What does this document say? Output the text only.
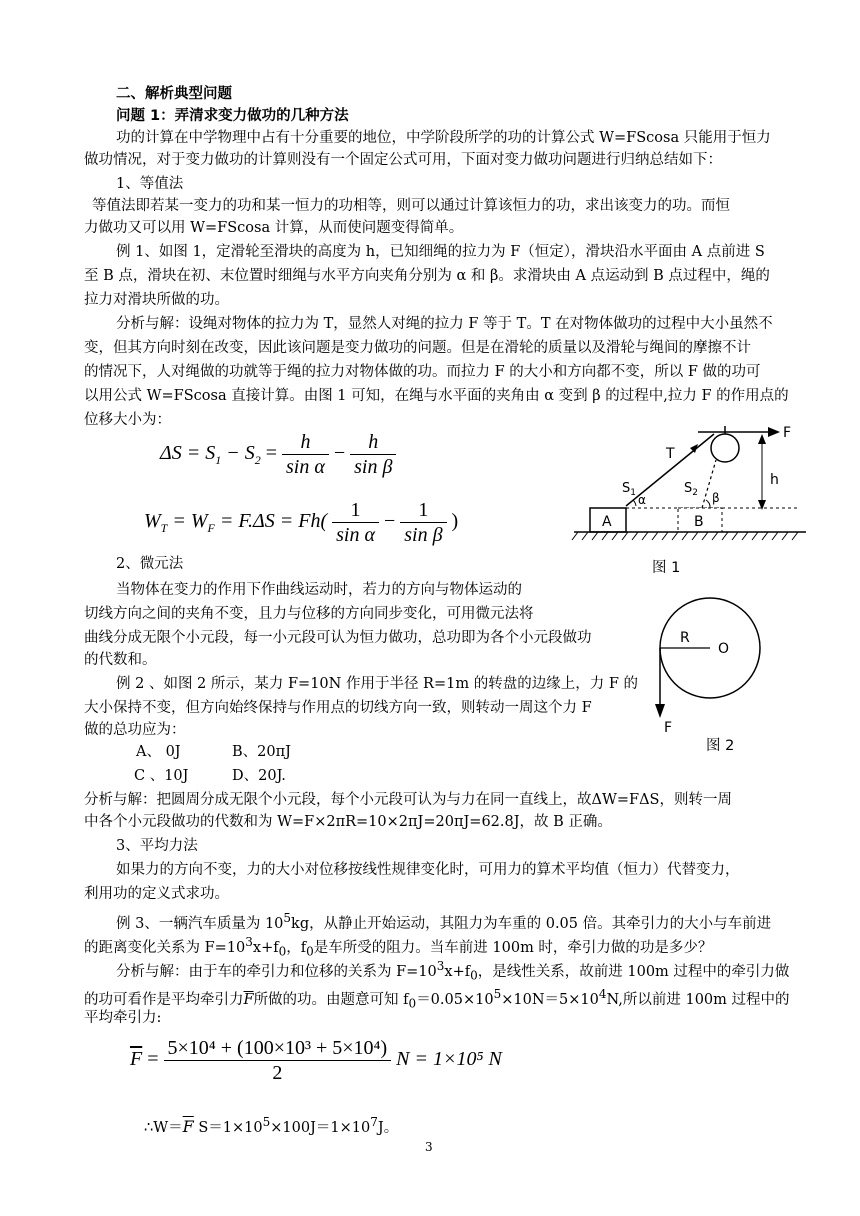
二、解析典型问题
问题 1：弄清求变力做功的几种方法
功的计算在中学物理中占有十分重要的地位，中学阶段所学的功的计算公式 W=FScosa 只能用于恒力
做功情况，对于变力做功的计算则没有一个固定公式可用，下面对变力做功问题进行归纳总结如下：
1、等值法
等值法即若某一变力的功和某一恒力的功相等，则可以通过计算该恒力的功，求出该变力的功。而恒
力做功又可以用 W=FScosa 计算，从而使问题变得简单。
例 1、如图 1，定滑轮至滑块的高度为 h，已知细绳的拉力为 F（恒定），滑块沿水平面由 A 点前进 S
至 B 点，滑块在初、末位置时细绳与水平方向夹角分别为 α 和 β。求滑块由 A 点运动到 B 点过程中，绳的
拉力对滑块所做的功。
分析与解：设绳对物体的拉力为 T，显然人对绳的拉力 F 等于 T。T 在对物体做功的过程中大小虽然不
变，但其方向时刻在改变，因此该问题是变力做功的问题。但是在滑轮的质量以及滑轮与绳间的摩擦不计
的情况下，人对绳做的功就等于绳的拉力对物体做的功。而拉力 F 的大小和方向都不变，所以 F 做的功可
以用公式 W=FScosa 直接计算。由图 1 可知，在绳与水平面的夹角由 α 变到 β 的过程中,拉力 F 的作用点的
位移大小为：
$\Delta S = S_1 - S_2 = \frac{h}{\text{sin α}} - \frac{h}{\text{sin β}}$
$W_T = W_F = F.\Delta S = Fh( \frac{1}{\text{sin α}} - \frac{1}{\text{sin β}}$ )
F
T
h
$S_1$	$S_2$
α	β
A	B
图 1
2、微元法
当物体在变力的作用下作曲线运动时，若力的方向与物体运动的
切线方向之间的夹角不变，且力与位移的方向同步变化，可用微元法将
曲线分成无限个小元段，每一小元段可认为恒力做功，总功即为各个小元段做功
的代数和。
例 2 、如图 2 所示，某力 F=10N 作用于半径 R=1m 的转盘的边缘上，力 F 的
大小保持不变，但方向始终保持与作用点的切线方向一致，则转动一周这个力 F
做的总功应为：
A、 0J	B、20πJ
C 、10J	D、20J.
R
O
F
图 2
分析与解：把圆周分成无限个小元段，每个小元段可认为与力在同一直线上，故ΔW=FΔS，则转一周
中各个小元段做功的代数和为 W=F×2πR=10×2πJ=20πJ=62.8J，故 B 正确。
3、平均力法
如果力的方向不变，力的大小对位移按线性规律变化时，可用力的算术平均值（恒力）代替变力，
利用功的定义式求功。
例 3、一辆汽车质量为 $10^5kg$，从静止开始运动，其阻力为车重的 0.05 倍。其牵引力的大小与车前进
的距离变化关系为 $F=10^3x+f_0$，$f_0$是车所受的阻力。当车前进 100m 时，牵引力做的功是多少？
分析与解：由于车的牵引力和位移的关系为 $F=10^3x+f_0$，是线性关系，故前进 100m 过程中的牵引力做
的功可看作是平均牵引力$\overline{F}$所做的功。由题意可知 $f_0=0.05\times 10^5\times 10N=5\times 10^4N$,所以前进 100m 过程中的
平均牵引力:
$\overline{F} = \frac{\text{5×10⁴ + (100×10³ + 5×10⁴)}}{2}$ N = 1×10⁵ N
$\therefore W=\overline{F}$ $S=1\times 10^5\times 100J=1\times 10^7J$。
3
